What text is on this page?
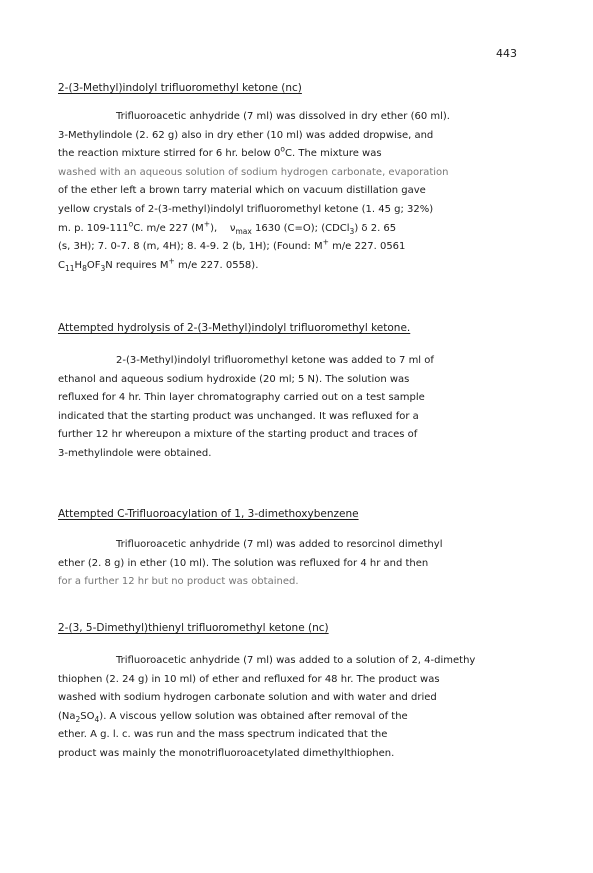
443
2-(3-Methyl)indolyl trifluoromethyl ketone (nc)
Trifluoroacetic anhydride (7 ml) was dissolved in dry ether (60 ml).
3-Methylindole (2. 62 g) also in dry ether (10 ml) was added dropwise, and
the reaction mixture stirred for 6 hr. below 0$^o$C. The mixture was
washed with an aqueous solution of sodium hydrogen carbonate, evaporation
of the ether left a brown tarry material which on vacuum distillation gave
yellow crystals of 2-(3-methyl)indolyl trifluoromethyl ketone (1. 45 g; 32%)
m. p. 109-111$^o$C. m/e 227 (M+), $\nu_{max}$ 1630 (C=O); (CDCl$_3$) δ 2. 65
(s, 3H); 7. 0-7. 8 (m, 4H); 8. 4-9. 2 (b, 1H); (Found: M+ m/e 227. 0561
$C_{11}H_8OF_3N$ requires M+ m/e 227. 0558).
Attempted hydrolysis of 2-(3-Methyl)indolyl trifluoromethyl ketone.
2-(3-Methyl)indolyl trifluoromethyl ketone was added to 7 ml of
ethanol and aqueous sodium hydroxide (20 ml; 5 N). The solution was
refluxed for 4 hr. Thin layer chromatography carried out on a test sample
indicated that the starting product was unchanged. It was refluxed for a
further 12 hr whereupon a mixture of the starting product and traces of
3-methylindole were obtained.
Attempted C-Trifluoroacylation of 1, 3-dimethoxybenzene
Trifluoroacetic anhydride (7 ml) was added to resorcinol dimethyl
ether (2. 8 g) in ether (10 ml). The solution was refluxed for 4 hr and then
for a further 12 hr but no product was obtained.
2-(3, 5-Dimethyl)thienyl trifluoromethyl ketone (nc)
Trifluoroacetic anhydride (7 ml) was added to a solution of 2, 4-dimethy
thiophen (2. 24 g) in 10 ml) of ether and refluxed for 48 hr. The product was
washed with sodium hydrogen carbonate solution and with water and dried
$(Na_2SO_4)$. A viscous yellow solution was obtained after removal of the
ether. A g. l. c. was run and the mass spectrum indicated that the
product was mainly the monotrifluoroacetylated dimethylthiophen.
